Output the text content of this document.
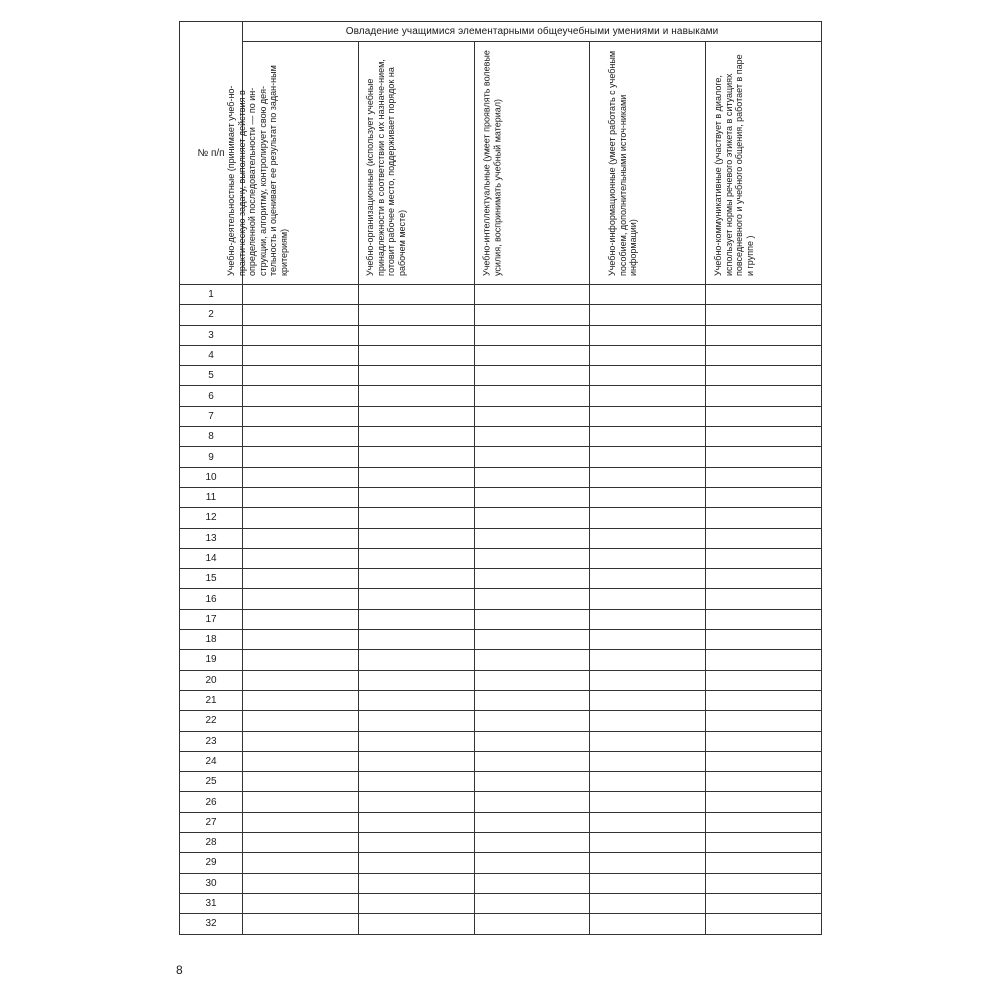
№ п/п	Овладение учащимися элементарными общеучебными умениями и навыками				

	Учебно-деятельностные (принимает учеб-но-практическую задачу, выполняет действия в определенной последовательности — по ин-струкции, алгоритму, контролирует свою дея-тельность и оценивает ее результат по задан-ным критериям)	Учебно-организационные (использует учебные принадлежности в соответствии с их назначе-нием, готовит рабочее место, поддерживает порядок на рабочем месте)	Учебно-интеллектуальные (умеет проявлять волевые усилия, воспринимать учебный материал)	Учебно-информационные (умеет работать с учебным пособием, дополнительными источ-никами информации)	Учебно-коммуникативные (участвует в диалоге, использует нормы речевого этикета в ситуациях повседневного и учебного общения, работает в паре и группе )

1					
2					
3					
4					
5					
6					
7					
8					
9					
10					
11					
12					
13					
14					
15					
16					
17					
18					
19					
20					
21					
22					
23					
24					
25					
26					
27					
28					
29					
30					
31					
32					
8
